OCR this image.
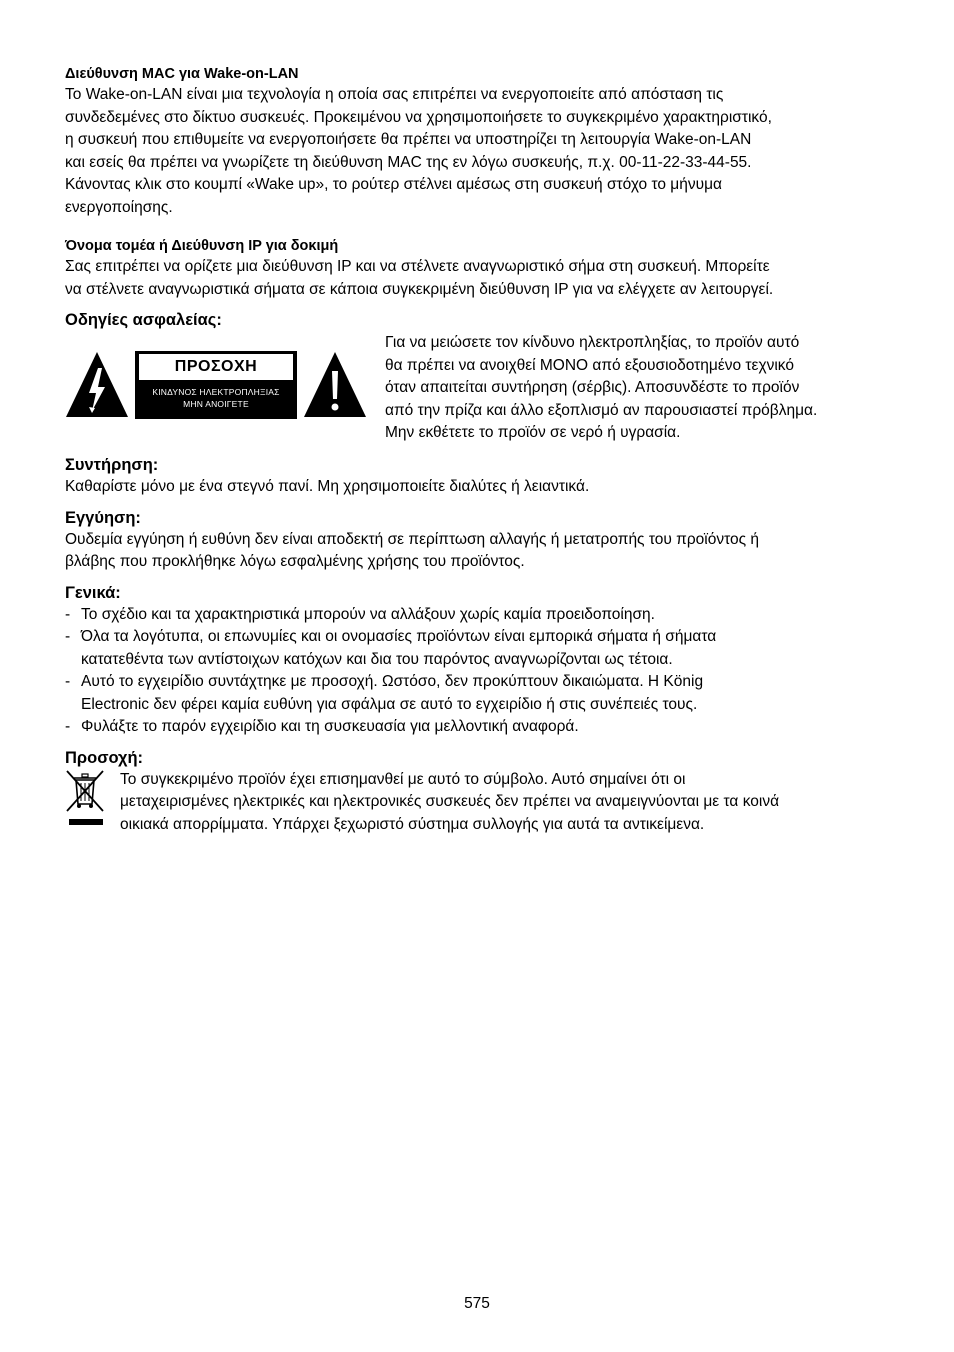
Διεύθυνση MAC για Wake-on-LAN
Το Wake-on-LAN είναι μια τεχνολογία η οποία σας επιτρέπει να ενεργοποιείτε από απόσταση τις
συνδεδεμένες στο δίκτυο συσκευές. Προκειμένου να χρησιμοποιήσετε το συγκεκριμένο χαρακτηριστικό,
η συσκευή που επιθυμείτε να ενεργοποιήσετε θα πρέπει να υποστηρίζει τη λειτουργία Wake-on-LAN
και εσείς θα πρέπει να γνωρίζετε τη διεύθυνση MAC της εν λόγω συσκευής, π.χ. 00-11-22-33-44-55.
Κάνοντας κλικ στο κουμπί «Wake up», το ρούτερ στέλνει αμέσως στη συσκευή στόχο το μήνυμα
ενεργοποίησης.
Όνομα τομέα ή Διεύθυνση IP για δοκιμή
Σας επιτρέπει να ορίζετε μια διεύθυνση IP και να στέλνετε αναγνωριστικό σήμα στη συσκευή. Μπορείτε
να στέλνετε αναγνωριστικά σήματα σε κάποια συγκεκριμένη διεύθυνση IP για να ελέγχετε αν λειτουργεί.
Οδηγίες ασφαλείας:
ΠΡΟΣΟΧΗ
ΚΙΝΔΥΝΟΣ ΗΛΕΚΤΡΟΠΛΗΞΙΑΣ
ΜΗΝ ΑΝΟΙΓΕΤΕ
Για να μειώσετε τον κίνδυνο ηλεκτροπληξίας, το προϊόν αυτό
θα πρέπει να ανοιχθεί ΜΟΝΟ από εξουσιοδοτημένο τεχνικό
όταν απαιτείται συντήρηση (σέρβις). Αποσυνδέστε το προϊόν
από την πρίζα και άλλο εξοπλισμό αν παρουσιαστεί πρόβλημα.
Μην εκθέτετε το προϊόν σε νερό ή υγρασία.
Συντήρηση:
Καθαρίστε μόνο με ένα στεγνό πανί. Μη χρησιμοποιείτε διαλύτες ή λειαντικά.
Εγγύηση:
Ουδεμία εγγύηση ή ευθύνη δεν είναι αποδεκτή σε περίπτωση αλλαγής ή μετατροπής του προϊόντος ή
βλάβης που προκλήθηκε λόγω εσφαλμένης χρήσης του προϊόντος.
Γενικά:
- Το σχέδιο και τα χαρακτηριστικά μπορούν να αλλάξουν χωρίς καμία προειδοποίηση.
- Όλα τα λογότυπα, οι επωνυμίες και οι ονομασίες προϊόντων είναι εμπορικά σήματα ή σήματα
κατατεθέντα των αντίστοιχων κατόχων και δια του παρόντος αναγνωρίζονται ως τέτοια.
- Αυτό το εγχειρίδιο συντάχτηκε με προσοχή. Ωστόσο, δεν προκύπτουν δικαιώματα. Η König
Electronic δεν φέρει καμία ευθύνη για σφάλμα σε αυτό το εγχειρίδιο ή στις συνέπειές τους.
- Φυλάξτε το παρόν εγχειρίδιο και τη συσκευασία για μελλοντική αναφορά.
Προσοχή:
Το συγκεκριμένο προϊόν έχει επισημανθεί με αυτό το σύμβολο. Αυτό σημαίνει ότι οι
μεταχειρισμένες ηλεκτρικές και ηλεκτρονικές συσκευές δεν πρέπει να αναμειγνύονται με τα κοινά
οικιακά απορρίμματα. Υπάρχει ξεχωριστό σύστημα συλλογής για αυτά τα αντικείμενα.
575
